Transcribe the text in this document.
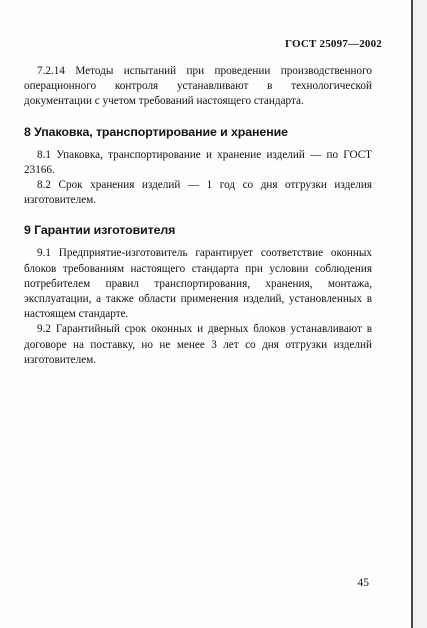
ГОСТ 25097—2002

7.2.14 Методы испытаний при проведении производственного операционного контроля устанавливают в технологической документации с учетом требований настоящего стандарта.

8 Упаковка, транспортирование и хранение

8.1 Упаковка, транспортирование и хранение изделий — по ГОСТ 23166.

8.2 Срок хранения изделий — 1 год со дня отгрузки изделия изготовителем.

9 Гарантии изготовителя

9.1 Предприятие-изготовитель гарантирует соответствие оконных блоков требованиям настоящего стандарта при условии соблюдения потребителем правил транспортирования, хранения, монтажа, эксплуатации, а также области применения изделий, установленных в настоящем стандарте.

9.2 Гарантийный срок оконных и дверных блоков устанавливают в договоре на поставку, но не менее 3 лет со дня отгрузки изделий изготовителем.

45
